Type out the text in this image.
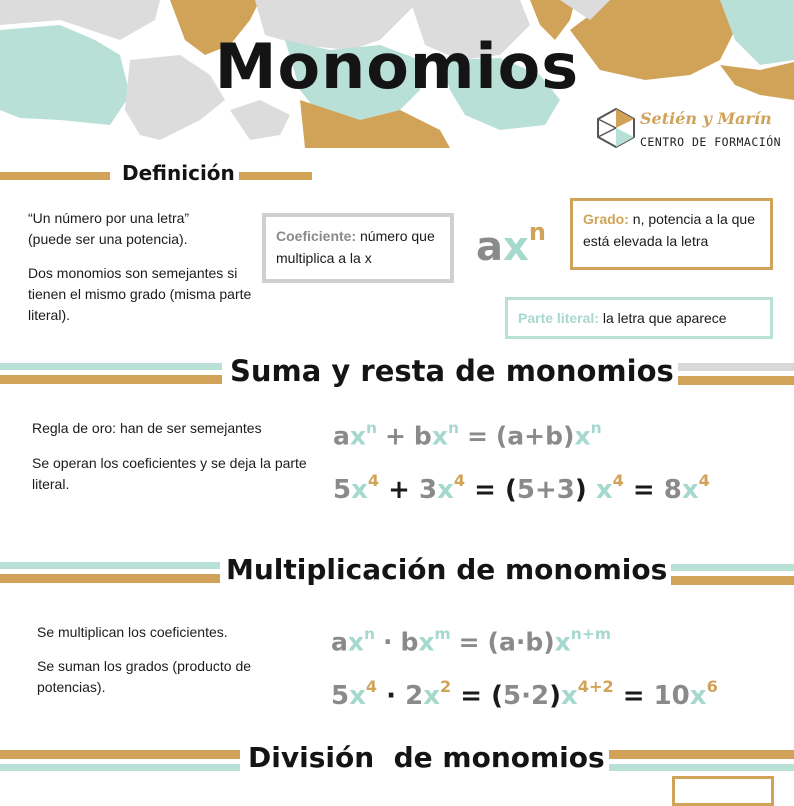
Monomios
Setién y Marín
CENTRO DE FORMACIÓN
Definición
“Un número por una letra” (puede ser una potencia).
Dos monomios son semejantes si tienen el mismo grado (misma parte literal).
Coeficiente: número que multiplica a la x	$ax^n$	Grado: n, potencia a la que está elevada la letra
Parte literal: la letra que aparece
Suma y resta de monomios
Regla de oro: han de ser semejantes
Se operan los coeficientes y se deja la parte literal.
$ax^n + bx^n = (a+b)x^n$
$5x^4 + 3x^4 = (5+3) x^4 = 8x^4$
Multiplicación de monomios
Se multiplican los coeficientes.
Se suman los grados (producto de potencias).
$ax^n \cdot bx^m = (a\cdot b)x^{n+m}$
$5x^4 \cdot 2x^2 = (5\cdot 2)x^{4+2} = 10x^6$
División  de monomios
